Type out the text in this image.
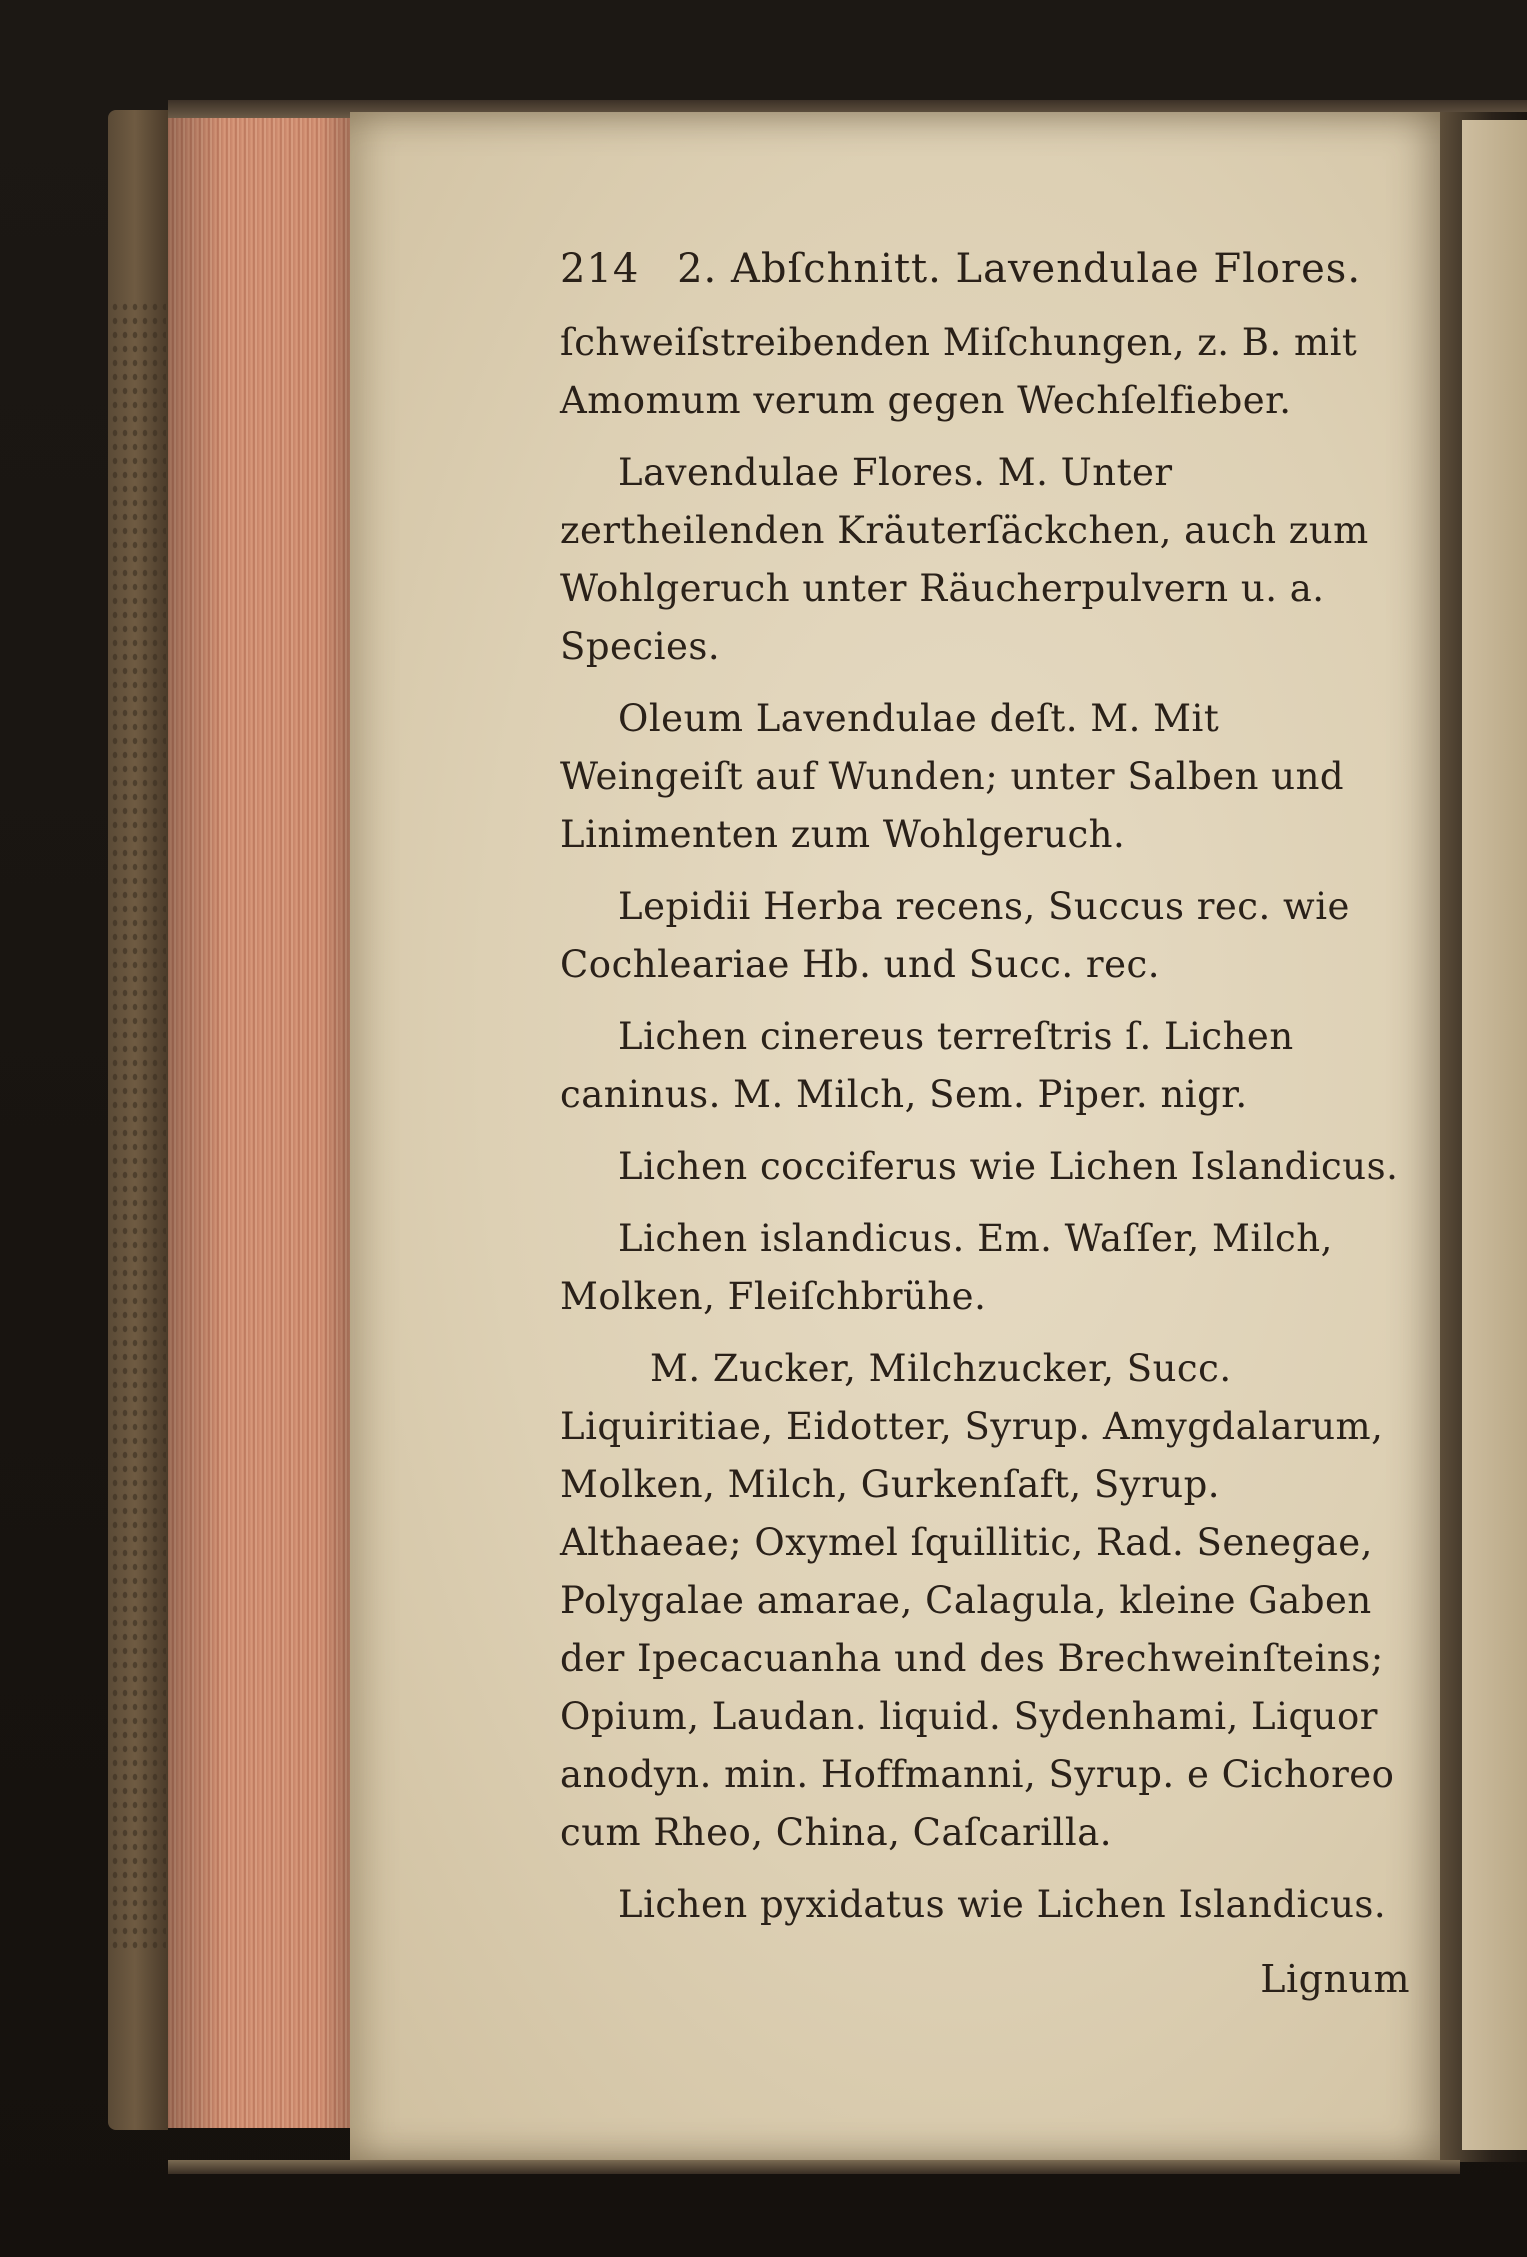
214 2. Abſchnitt. Lavendulae Flores.

ſchweiſstreibenden Miſchungen, z. B. mit Amomum verum gegen Wechſelfieber.

Lavendulae Flores. M. Unter zertheilenden Kräuterſäckchen, auch zum Wohlgeruch unter Räucherpulvern u. a. Species.

Oleum Lavendulae deſt. M. Mit Weingeiſt auf Wunden; unter Salben und Linimenten zum Wohlgeruch.

Lepidii Herba recens, Succus rec. wie Cochleariae Hb. und Succ. rec.

Lichen cinereus terreſtris ſ. Lichen caninus. M. Milch, Sem. Piper. nigr.

Lichen cocciferus wie Lichen Islandicus.

Lichen islandicus. Em. Waſſer, Milch, Molken, Fleiſchbrühe.

M. Zucker, Milchzucker, Succ. Liquiritiae, Eidotter, Syrup. Amygdalarum, Molken, Milch, Gurkenſaft, Syrup. Althaeae; Oxymel ſquillitic, Rad. Senegae, Polygalae amarae, Calagula, kleine Gaben der Ipecacuanha und des Brechweinſteins; Opium, Laudan. liquid. Sydenhami, Liquor anodyn. min. Hoffmanni, Syrup. e Cichoreo cum Rheo, China, Caſcarilla.

Lichen pyxidatus wie Lichen Islandicus.

Lignum
